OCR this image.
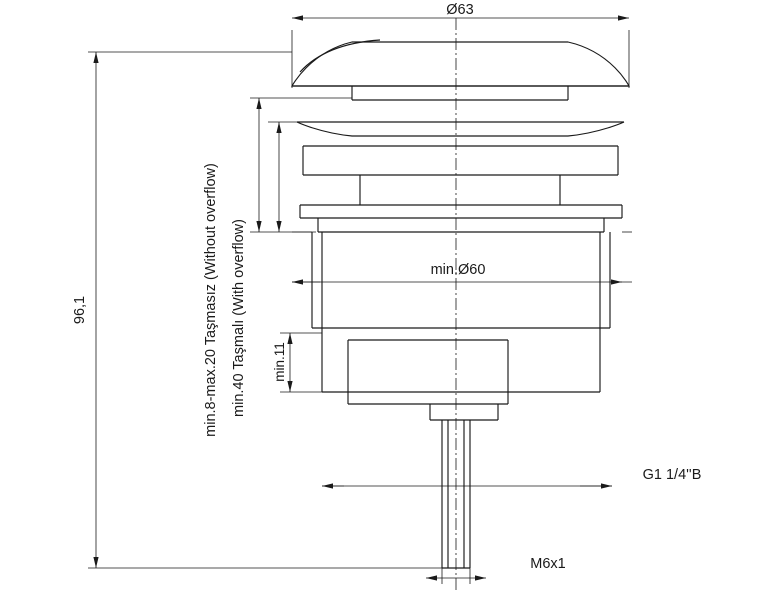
Ø63
96,1	min.8-max.20 Taşmasız (Without overflow) min.40 Taşmalı (With overflow)	min.Ø60
min.11
G1 1/4''B
M6x1
